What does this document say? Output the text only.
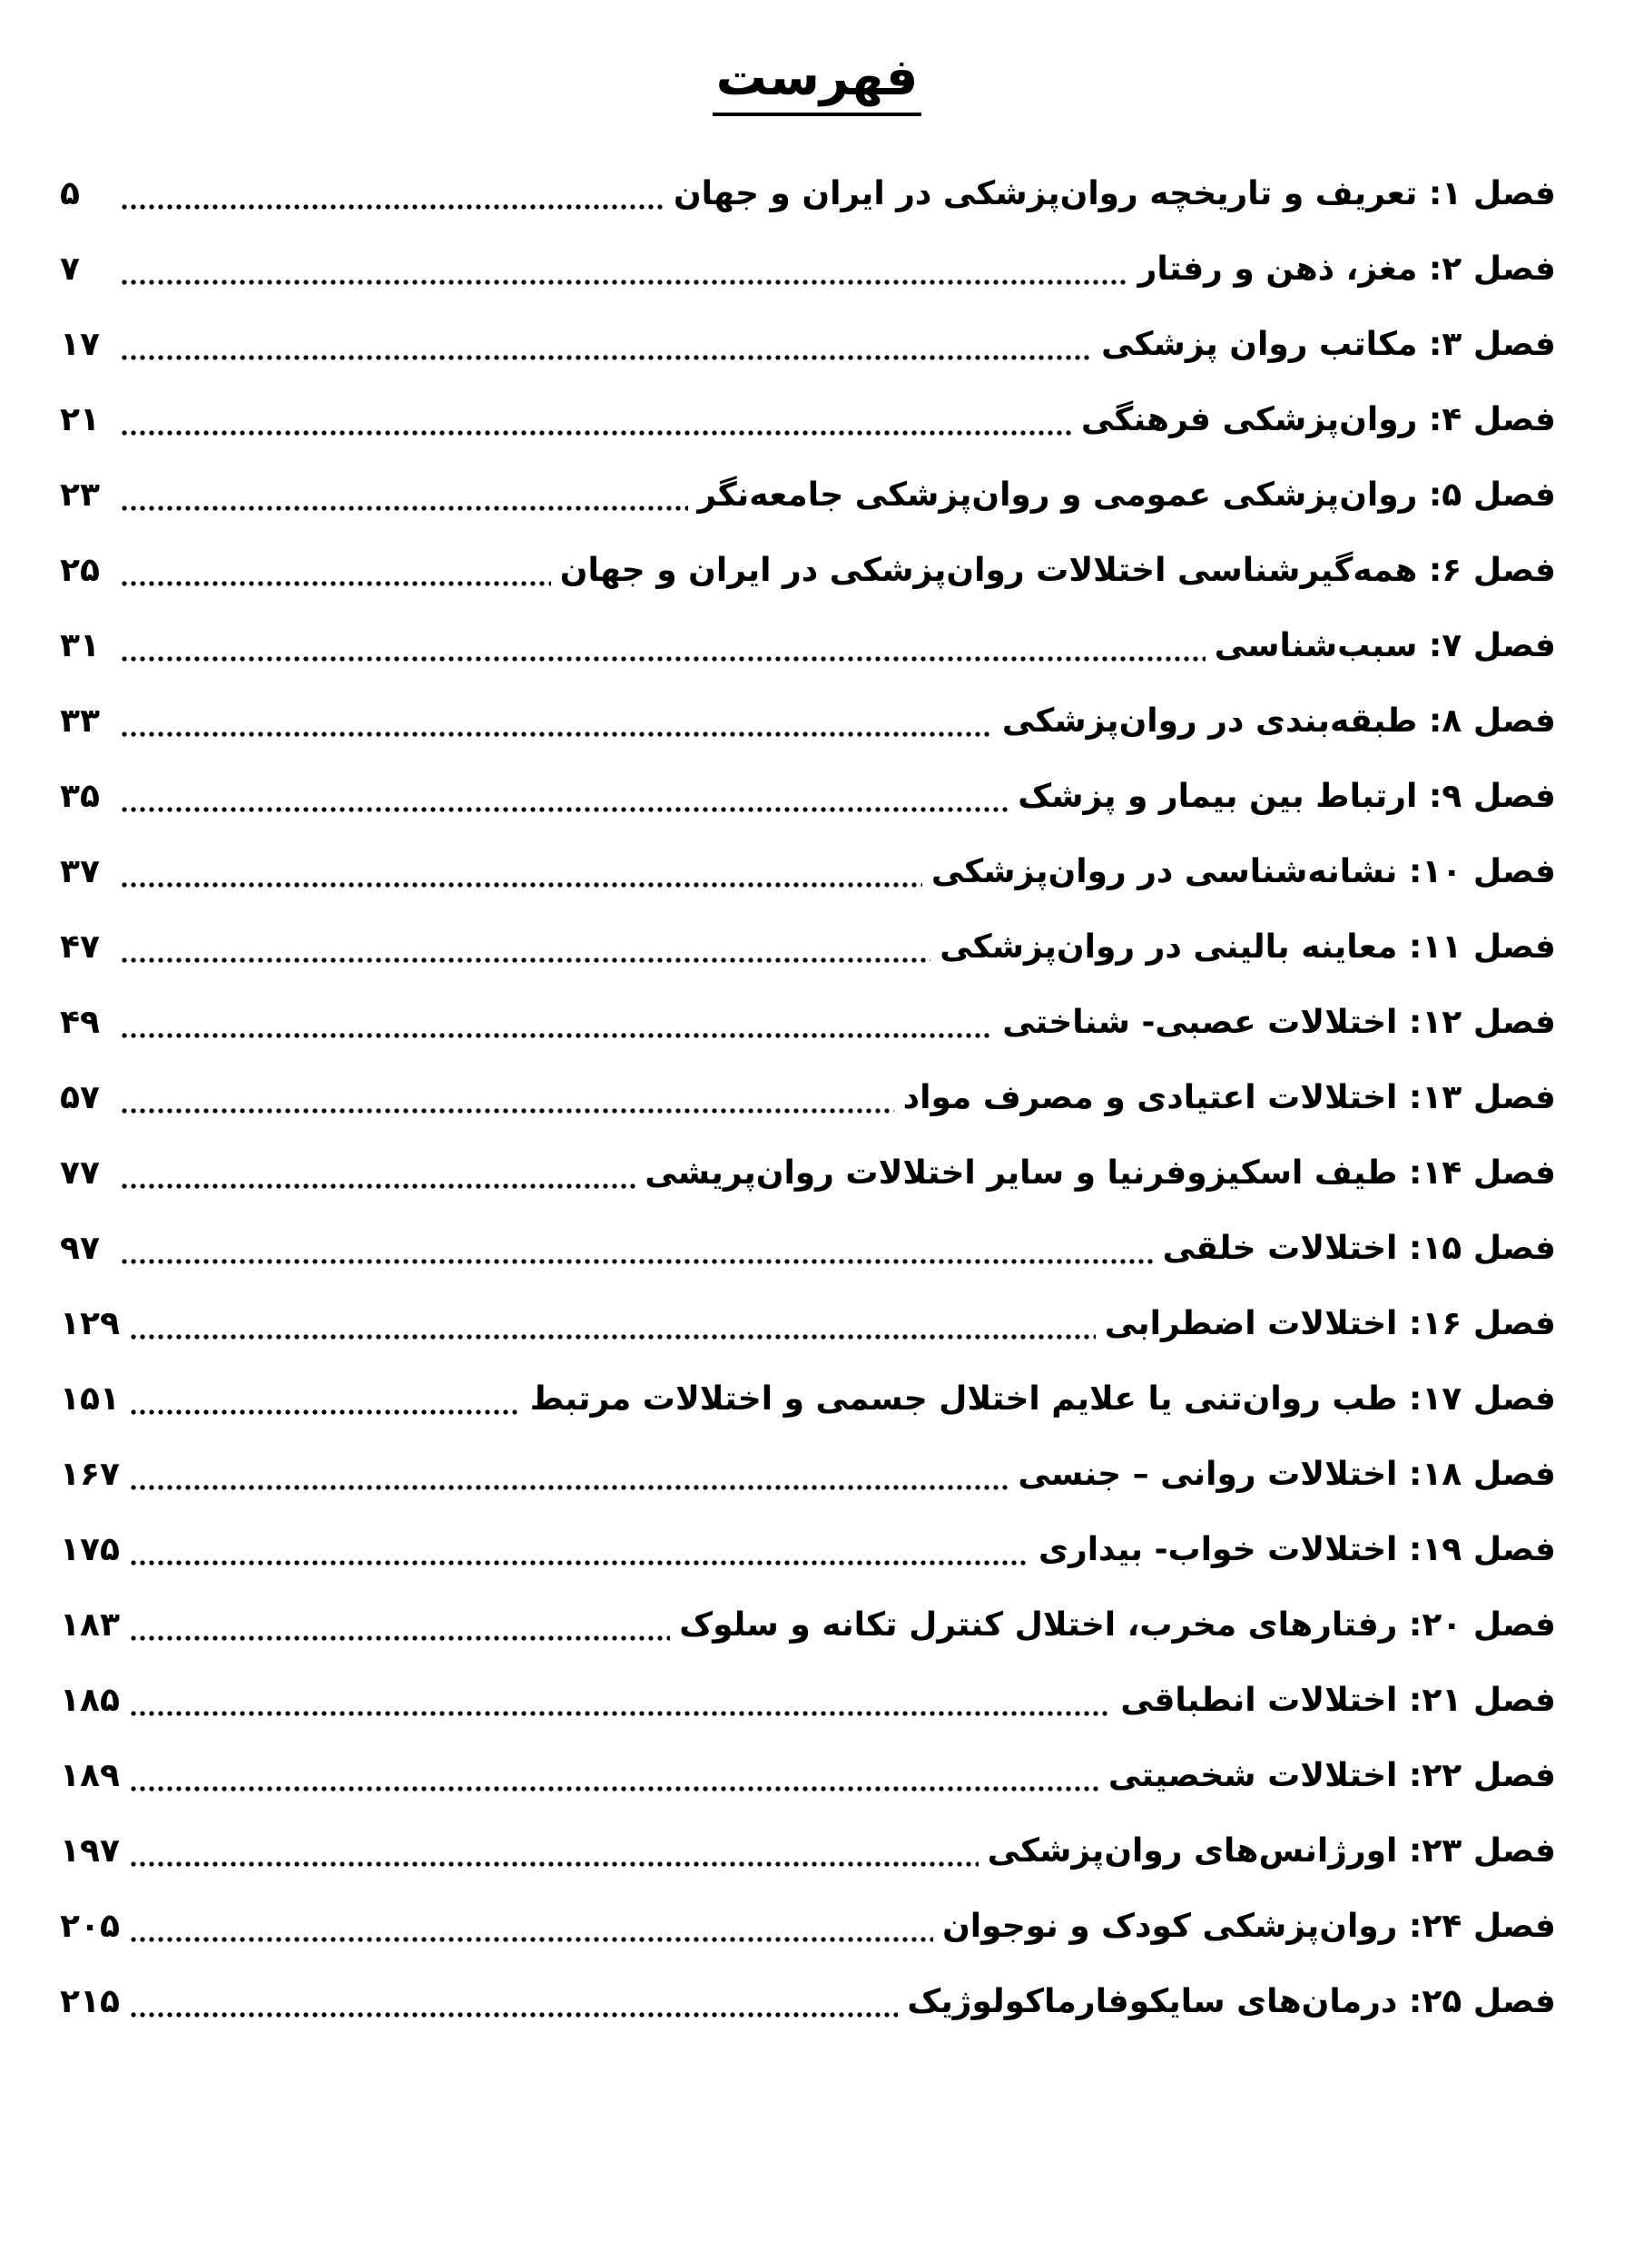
فهرست
فصل ۱: تعریف و تاریخچه روان‌پزشکی در ایران و جهان
۵
فصل ۲: مغز، ذهن و رفتار
۷
فصل ۳: مکاتب روان پزشکی
۱۷
فصل ۴: روان‌پزشکی فرهنگی
۲۱
فصل ۵: روان‌پزشکی عمومی و روان‌پزشکی جامعه‌نگر
۲۳
فصل ۶: همه‌گیرشناسی اختلالات روان‌پزشکی در ایران و جهان
۲۵
فصل ۷: سبب‌شناسی
۳۱
فصل ۸: طبقه‌بندی در روان‌پزشکی
۳۳
فصل ۹: ارتباط بین بیمار و پزشک
۳۵
فصل ۱۰: نشانه‌شناسی در روان‌پزشکی
۳۷
فصل ۱۱: معاینه بالینی در روان‌پزشکی
۴۷
فصل ۱۲: اختلالات عصبی- شناختی
۴۹
فصل ۱۳: اختلالات اعتیادی و مصرف مواد
۵۷
فصل ۱۴: طیف اسکیزوفرنیا و سایر اختلالات روان‌پریشی
۷۷
فصل ۱۵: اختلالات خلقی
۹۷
فصل ۱۶: اختلالات اضطرابی
۱۲۹
فصل ۱۷: طب روان‌تنی یا علایم اختلال جسمی و اختلالات مرتبط
۱۵۱
فصل ۱۸: اختلالات روانی – جنسی
۱۶۷
فصل ۱۹: اختلالات خواب- بیداری
۱۷۵
فصل ۲۰: رفتارهای مخرب، اختلال کنترل تکانه و سلوک
۱۸۳
فصل ۲۱: اختلالات انطباقی
۱۸۵
فصل ۲۲: اختلالات شخصیتی
۱۸۹
فصل ۲۳: اورژانس‌های روان‌پزشکی
۱۹۷
فصل ۲۴: روان‌پزشکی کودک و نوجوان
۲۰۵
فصل ۲۵: درمان‌های سایکوفارماکولوژیک
۲۱۵
